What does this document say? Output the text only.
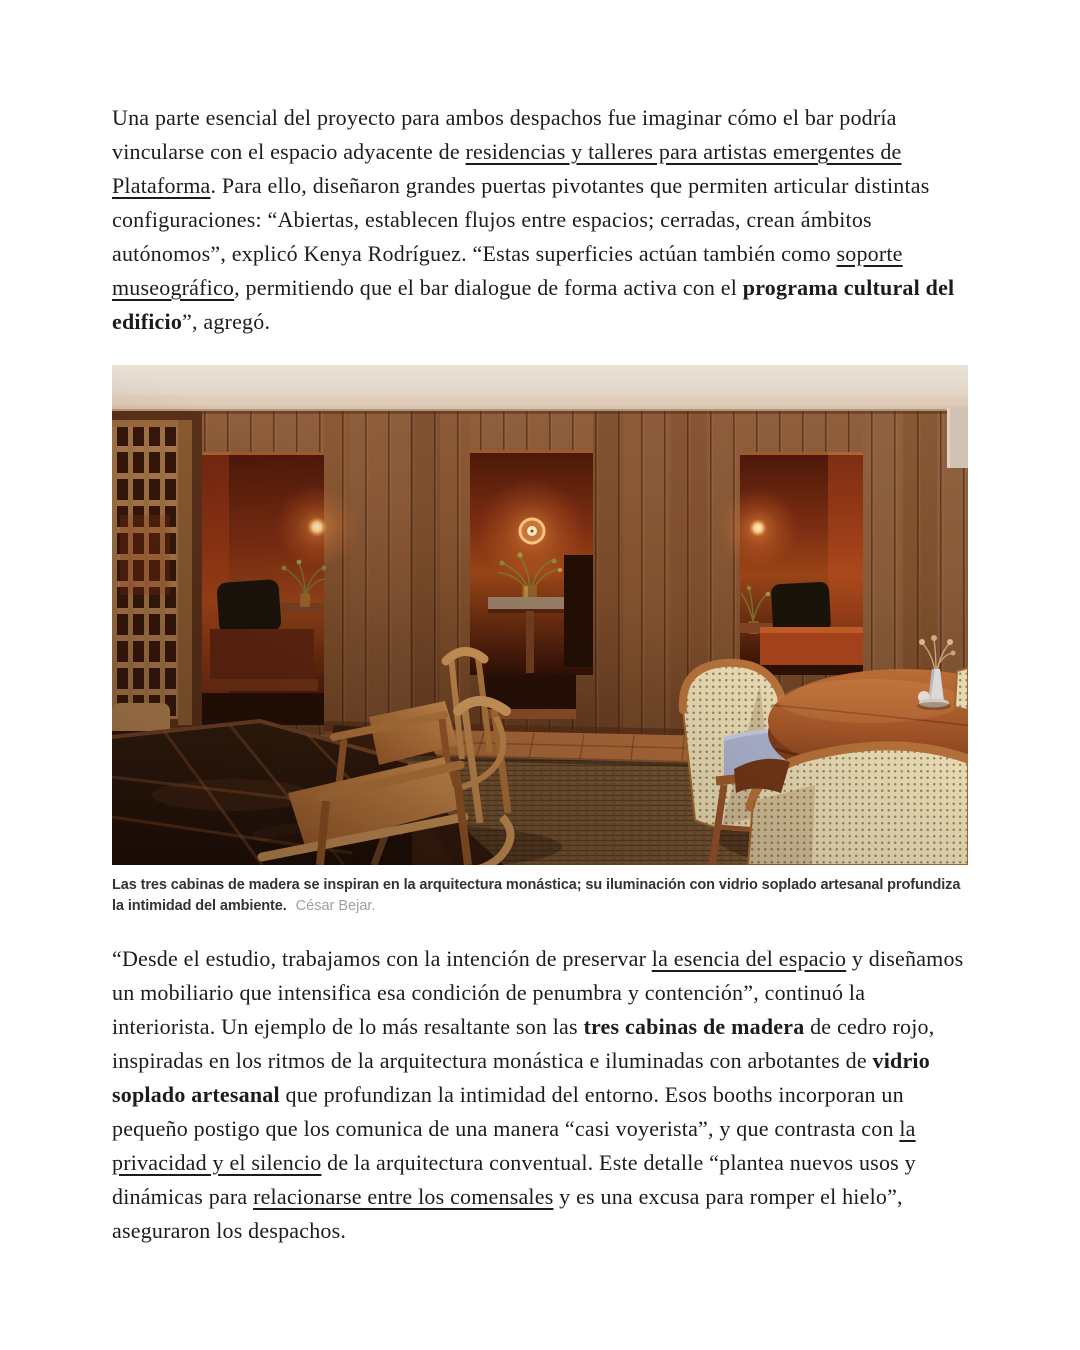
Una parte esencial del proyecto para ambos despachos fue imaginar cómo el bar podría vincularse con el espacio adyacente de residencias y talleres para artistas emergentes de Plataforma. Para ello, diseñaron grandes puertas pivotantes que permiten articular distintas configuraciones: “Abiertas, establecen flujos entre espacios; cerradas, crean ámbitos autónomos”, explicó Kenya Rodríguez. “Estas superficies actúan también como soporte museográfico, permitiendo que el bar dialogue de forma activa con el programa cultural del edificio”, agregó.

Las tres cabinas de madera se inspiran en la arquitectura monástica; su iluminación con vidrio soplado artesanal profundiza la intimidad del ambiente. César Bejar.

“Desde el estudio, trabajamos con la intención de preservar la esencia del espacio y diseñamos un mobiliario que intensifica esa condición de penumbra y contención”, continuó la interiorista. Un ejemplo de lo más resaltante son las tres cabinas de madera de cedro rojo, inspiradas en los ritmos de la arquitectura monástica e iluminadas con arbotantes de vidrio soplado artesanal que profundizan la intimidad del entorno. Esos booths incorporan un pequeño postigo que los comunica de una manera “casi voyerista”, y que contrasta con la privacidad y el silencio de la arquitectura conventual. Este detalle “plantea nuevos usos y dinámicas para relacionarse entre los comensales y es una excusa para romper el hielo”, aseguraron los despachos.
